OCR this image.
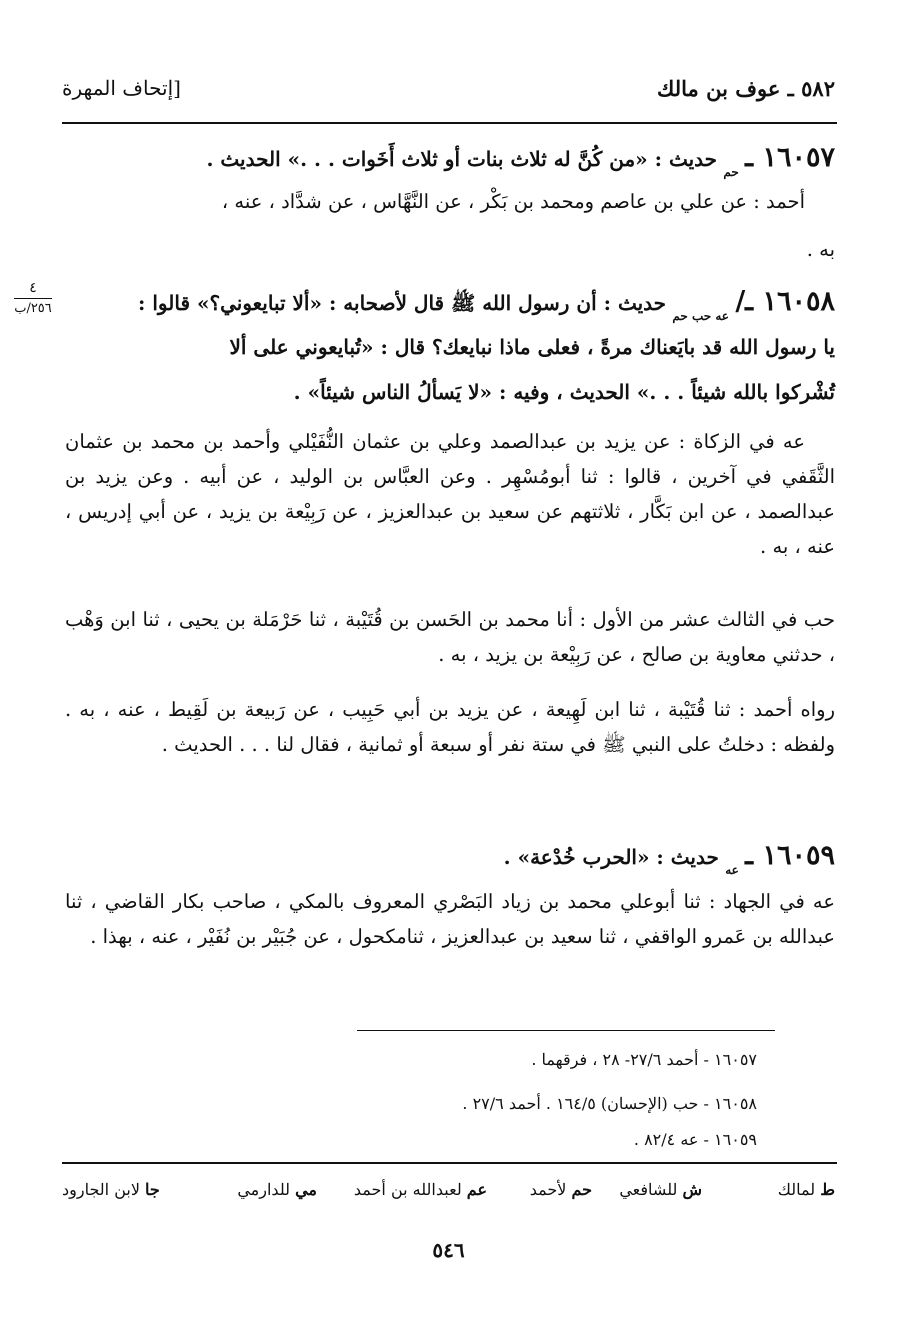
٥٨٢ ـ عوف بن مالك
[إتحاف المهرة
٤
٢٥٦/ب
١٦٠٥٧ ـ $_{حم}$ حديث : «من كُنَّ له ثلاث بنات أو ثلاث أَخَوات . . .» الحديث .
أحمد : عن علي بن عاصم ومحمد بن بَكْر ، عن النَّهَّاس ، عن شدَّاد ، عنه ،
به .
١٦٠٥٨ ـ/ $_{عه حب حم}$ حديث : أن رسول الله ﷺ قال لأصحابه : «ألا تبايعوني؟» قالوا :
يا رسول الله قد بايَعناك مرةً ، فعلى ماذا نبايعك؟ قال : «تُبايعوني على ألا
تُشْركوا بالله شيئاً . . .» الحديث ، وفيه : «لا يَسألُ الناس شيئاً» .

عه في الزكاة : عن يزيد بن عبدالصمد وعلي بن عثمان النُّفَيْلي وأحمد بن محمد بن عثمان الثَّقَفي في آخرين ، قالوا : ثنا أبومُسْهِر . وعن العبَّاس بن الوليد ، عن أبيه . وعن يزيد بن عبدالصمد ، عن ابن بَكَّار ، ثلاثتهم عن سعيد بن عبدالعزيز ، عن رَبِيْعة بن يزيد ، عن أبي إدريس ، عنه ، به .

حب في الثالث عشر من الأول : أنا محمد بن الحَسن بن قُتَيْبة ، ثنا حَرْمَلة بن يحيى ، ثنا ابن وَهْب ، حدثني معاوية بن صالح ، عن رَبِيْعة بن يزيد ، به .

رواه أحمد : ثنا قُتَيْبة ، ثنا ابن لَهِيعة ، عن يزيد بن أبي حَبِيب ، عن رَبيعة بن لَقِيط ، عنه ، به . ولفظه : دخلتُ على النبي ﷺ في ستة نفر أو سبعة أو ثمانية ، فقال لنا . . . الحديث .

١٦٠٥٩ ـ $_{عه}$ حديث : «الحرب خُدْعة» .

عه في الجهاد : ثنا أبوعلي محمد بن زياد البَصْري المعروف بالمكي ، صاحب بكار القاضي ، ثنا عبدالله بن عَمرو الواقفي ، ثنا سعيد بن عبدالعزيز ، ثنامكحول ، عن جُبَيْر بن نُفَيْر ، عنه ، بهذا .

١٦٠٥٧ - أحمد ٢٧/٦- ٢٨ ، فرقهما .
١٦٠٥٨ - حب (الإحسان) ١٦٤/٥ . أحمد ٢٧/٦ .
١٦٠٥٩ - عه ٨٢/٤ .
ط لمالك
ش للشافعي
حم لأحمد
عم لعبدالله بن أحمد
مي للدارمي
جا لابن الجارود
٥٤٦
